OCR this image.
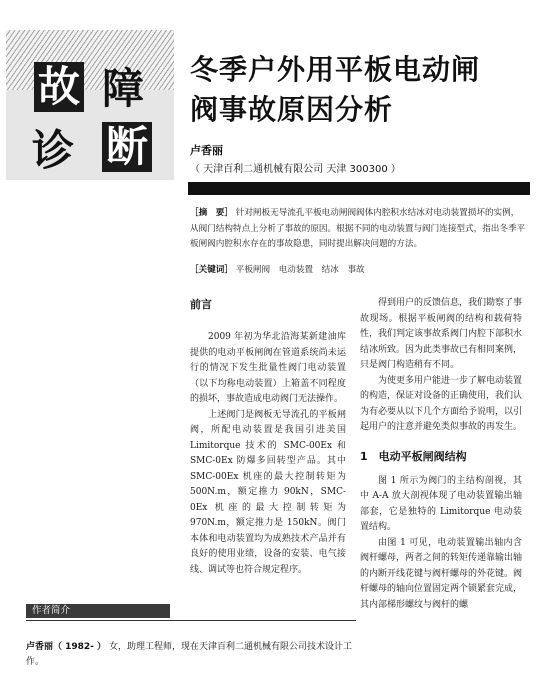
故 障
诊 断
冬季户外用平板电动闸
阀事故原因分析
卢香丽
（ 天津百利二通机械有限公司 天津 300300 ）
［摘　要］ 针对闸板无导流孔平板电动闸阀阀体内腔积水结冰对电动装置损坏的实例，从阀门结构特点上分析了事故的原因。根据不同的电动装置与阀门连接型式，指出冬季平板闸阀内腔积水存在的事故隐患，同时提出解决问题的方法。
［关键词］ 平板闸阀　电动装置　结冰　事故

前言

2009 年初为华北沿海某新建油库提供的电动平板闸阀在管道系统尚未运行的情况下发生批量性阀门电动装置（以下均称电动装置）上箱盖不同程度的损坏，事故造成电动阀门无法操作。

上述阀门是阀板无导流孔的平板闸阀，所配电动装置是我国引进美国 Limitorque 技术的 SMC-00Ex 和 SMC-0Ex 防爆多回转型产品。其中 SMC-00Ex 机座的最大控制转矩为 500N.m，额定推力 90kN，SMC-0Ex 机座的最大控制转矩为 970N.m，额定推力是 150kN。阀门本体和电动装置均为成熟技术产品并有良好的使用业绩，设备的安装、电气接线、调试等也符合规定程序。

得到用户的反馈信息，我们勘察了事故现场。根据平板闸阀的结构和载荷特性，我们判定该事故系阀门内腔下部积水结冰所致。因为此类事故已有相同案例，只是阀门构造稍有不同。

为使更多用户能进一步了解电动装置的构造，保证对设备的正确使用，我们认为有必要从以下几个方面给予说明，以引起用户的注意并避免类似事故的再发生。

1　电动平板闸阀结构

图 1 所示为阀门的主结构剖视，其中 A-A 放大剖视体现了电动装置输出轴部套，它是独特的 Limitorque 电动装置结构。

由图 1 可见，电动装置输出轴内含阀杆螺母，两者之间的转矩传递靠输出轴的内断开线花键与阀杆螺母的外花键。阀杆螺母的轴向位置固定两个锁紧套完成，其内部梯形螺纹与阀杆的螺

作者简介
卢香丽（ 1982- ） 女，助理工程师，现在天津百利二通机械有限公司技术设计工作。
